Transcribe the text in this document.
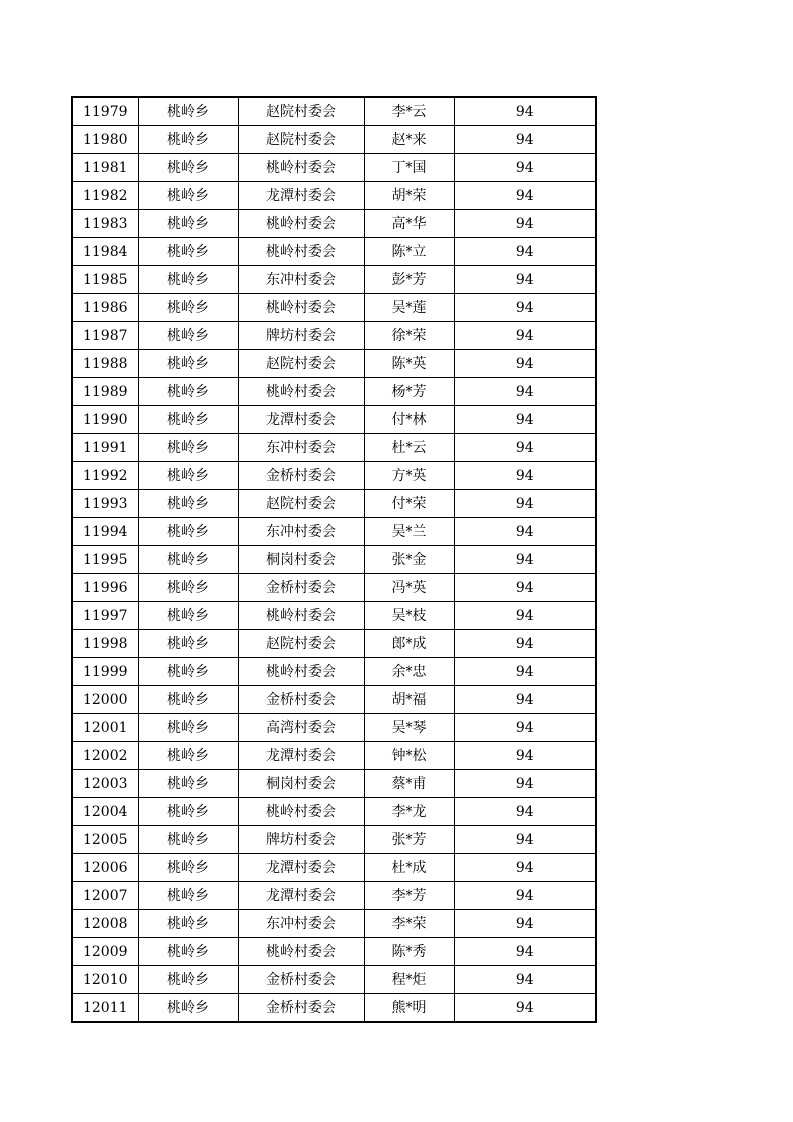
11979	桃岭乡	赵院村委会	李*云	94
11980	桃岭乡	赵院村委会	赵*来	94
11981	桃岭乡	桃岭村委会	丁*国	94
11982	桃岭乡	龙潭村委会	胡*荣	94
11983	桃岭乡	桃岭村委会	高*华	94
11984	桃岭乡	桃岭村委会	陈*立	94
11985	桃岭乡	东冲村委会	彭*芳	94
11986	桃岭乡	桃岭村委会	吴*莲	94
11987	桃岭乡	牌坊村委会	徐*荣	94
11988	桃岭乡	赵院村委会	陈*英	94
11989	桃岭乡	桃岭村委会	杨*芳	94
11990	桃岭乡	龙潭村委会	付*林	94
11991	桃岭乡	东冲村委会	杜*云	94
11992	桃岭乡	金桥村委会	方*英	94
11993	桃岭乡	赵院村委会	付*荣	94
11994	桃岭乡	东冲村委会	吴*兰	94
11995	桃岭乡	桐岗村委会	张*金	94
11996	桃岭乡	金桥村委会	冯*英	94
11997	桃岭乡	桃岭村委会	吴*枝	94
11998	桃岭乡	赵院村委会	郎*成	94
11999	桃岭乡	桃岭村委会	余*忠	94
12000	桃岭乡	金桥村委会	胡*福	94
12001	桃岭乡	高湾村委会	吴*琴	94
12002	桃岭乡	龙潭村委会	钟*松	94
12003	桃岭乡	桐岗村委会	蔡*甫	94
12004	桃岭乡	桃岭村委会	李*龙	94
12005	桃岭乡	牌坊村委会	张*芳	94
12006	桃岭乡	龙潭村委会	杜*成	94
12007	桃岭乡	龙潭村委会	李*芳	94
12008	桃岭乡	东冲村委会	李*荣	94
12009	桃岭乡	桃岭村委会	陈*秀	94
12010	桃岭乡	金桥村委会	程*炬	94
12011	桃岭乡	金桥村委会	熊*明	94
